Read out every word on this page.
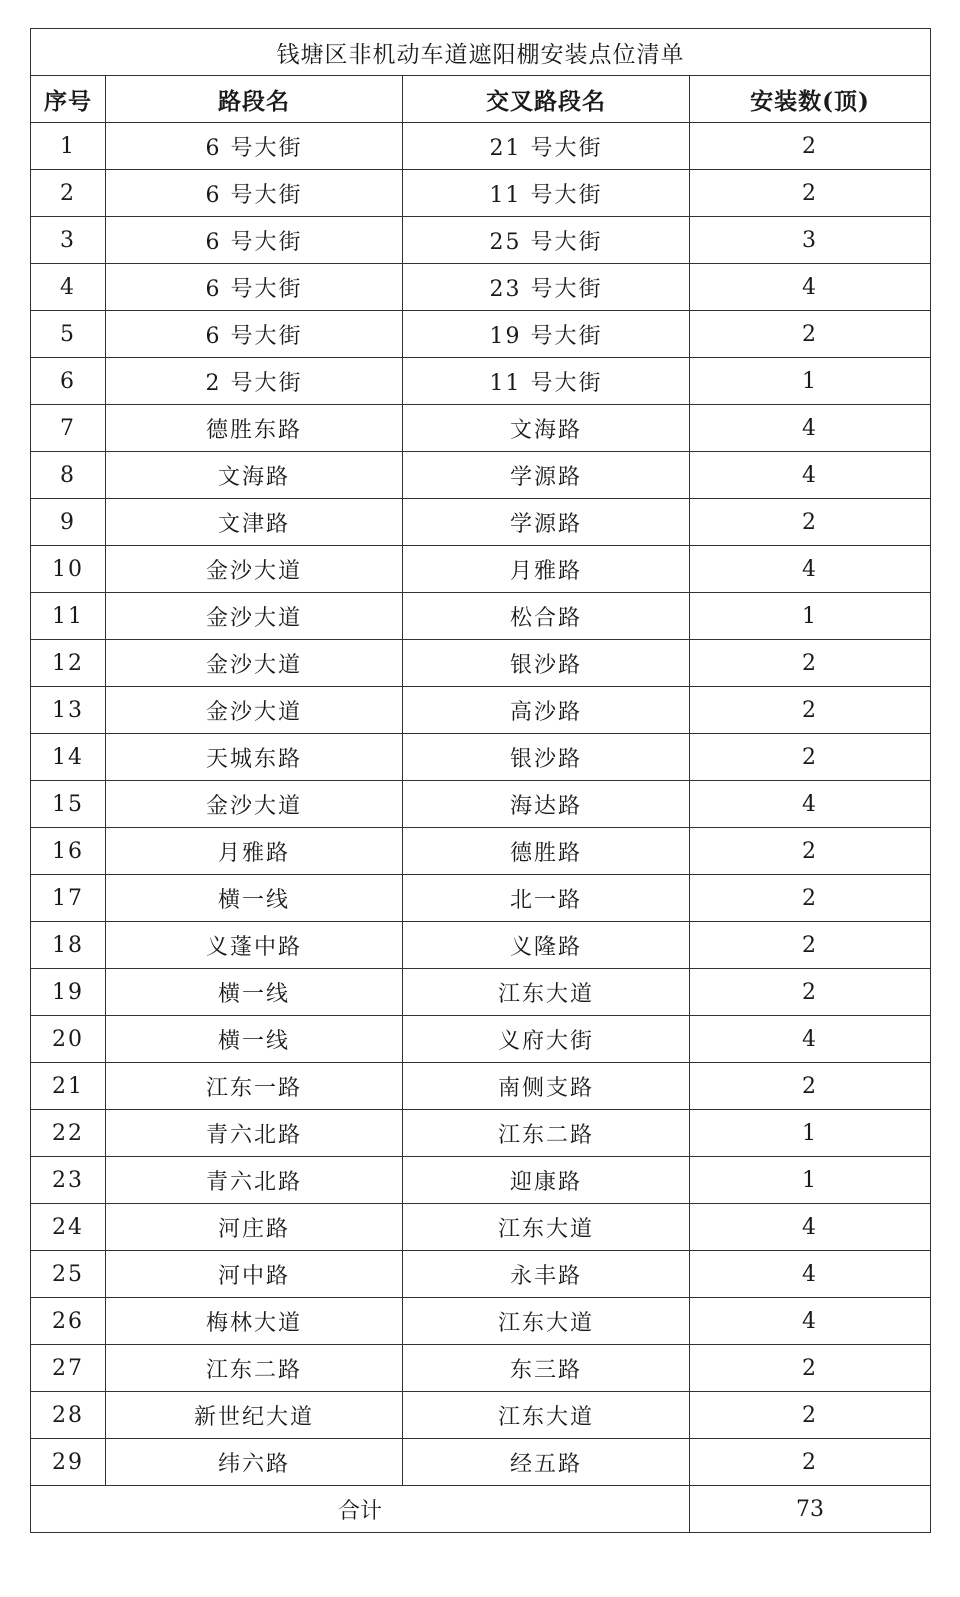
钱塘区非机动车道遮阳棚安装点位清单			
序号	路段名	交叉路段名	安装数(顶)
1	6 号大街	21 号大街	2
2	6 号大街	11 号大街	2
3	6 号大街	25 号大街	3
4	6 号大街	23 号大街	4
5	6 号大街	19 号大街	2
6	2 号大街	11 号大街	1
7	德胜东路	文海路	4
8	文海路	学源路	4
9	文津路	学源路	2
10	金沙大道	月雅路	4
11	金沙大道	松合路	1
12	金沙大道	银沙路	2
13	金沙大道	高沙路	2
14	天城东路	银沙路	2
15	金沙大道	海达路	4
16	月雅路	德胜路	2
17	横一线	北一路	2
18	义蓬中路	义隆路	2
19	横一线	江东大道	2
20	横一线	义府大街	4
21	江东一路	南侧支路	2
22	青六北路	江东二路	1
23	青六北路	迎康路	1
24	河庄路	江东大道	4
25	河中路	永丰路	4
26	梅林大道	江东大道	4
27	江东二路	东三路	2
28	新世纪大道	江东大道	2
29	纬六路	经五路	2
合计			73
